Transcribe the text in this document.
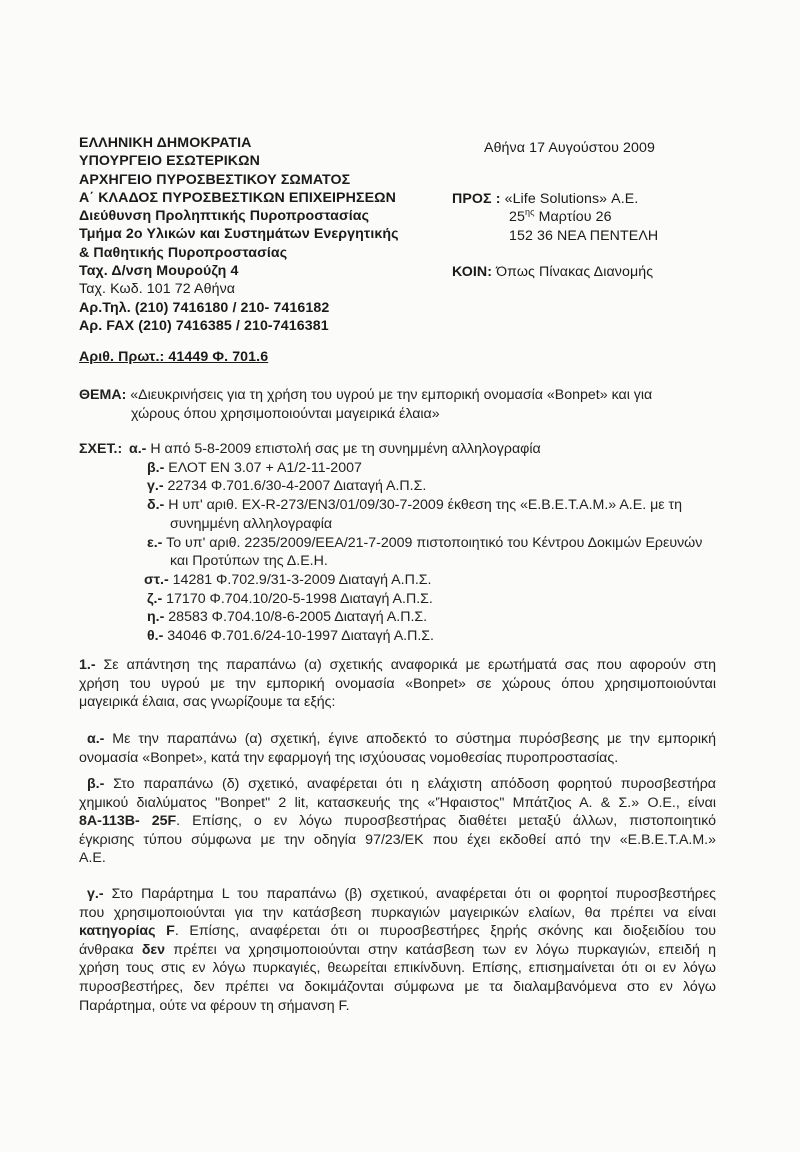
ΕΛΛΗΝΙΚΗ ΔΗΜΟΚΡΑΤΙΑ
ΥΠΟΥΡΓΕΙΟ ΕΣΩΤΕΡΙΚΩΝ
ΑΡΧΗΓΕΙΟ ΠΥΡΟΣΒΕΣΤΙΚΟΥ ΣΩΜΑΤΟΣ
Α΄ ΚΛΑΔΟΣ ΠΥΡΟΣΒΕΣΤΙΚΩΝ ΕΠΙΧΕΙΡΗΣΕΩΝ
Διεύθυνση Προληπτικής Πυροπροστασίας
Τμήμα 2ο Υλικών και Συστημάτων Ενεργητικής
& Παθητικής Πυροπροστασίας
Ταχ. Δ/νση Μουρούζη 4
Ταχ. Κωδ. 101 72 Αθήνα
Αρ.Τηλ. (210) 7416180 / 210- 7416182
Αρ. FAX (210) 7416385 / 210-7416381
Αθήνα 17 Αυγούστου 2009
ΠΡΟΣ : «Life Solutions» Α.Ε.
$25^{\eta\varsigma}$ Μαρτίου 26
152 36 ΝΕΑ ΠΕΝΤΕΛΗ
ΚΟΙΝ: Όπως Πίνακας Διανομής
Αριθ. Πρωτ.: 41449 Φ. 701.6
ΘΕΜΑ: «Διευκρινήσεις για τη χρήση του υγρού με την εμπορική ονομασία «Bonpet» και για
χώρους όπου χρησιμοποιούνται μαγειρικά έλαια»
ΣΧΕΤ.: α.- Η από 5-8-2009 επιστολή σας με τη συνημμένη αλληλογραφία
β.- ΕΛΟΤ ΕΝ 3.07 + Α1/2-11-2007
γ.- 22734 Φ.701.6/30-4-2007 Διαταγή Α.Π.Σ.
δ.- Η υπ' αριθ. EX-R-273/ΕΝ3/01/09/30-7-2009 έκθεση της «Ε.Β.Ε.Τ.Α.Μ.» Α.Ε. με τη
συνημμένη αλληλογραφία
ε.- Το υπ' αριθ. 2235/2009/ΕΕΑ/21-7-2009 πιστοποιητικό του Κέντρου Δοκιμών Ερευνών
και Προτύπων της Δ.Ε.Η.
στ.- 14281 Φ.702.9/31-3-2009 Διαταγή Α.Π.Σ.
ζ.- 17170 Φ.704.10/20-5-1998 Διαταγή Α.Π.Σ.
η.- 28583 Φ.704.10/8-6-2005 Διαταγή Α.Π.Σ.
θ.- 34046 Φ.701.6/24-10-1997 Διαταγή Α.Π.Σ.
1.- Σε απάντηση της παραπάνω (α) σχετικής αναφορικά με ερωτήματά σας που αφορούν στη
χρήση του υγρού με την εμπορική ονομασία «Bonpet» σε χώρους όπου χρησιμοποιούνται
μαγειρικά έλαια, σας γνωρίζουμε τα εξής:
α.- Με την παραπάνω (α) σχετική, έγινε αποδεκτό το σύστημα πυρόσβεσης με την εμπορική
ονομασία «Bonpet», κατά την εφαρμογή της ισχύουσας νομοθεσίας πυροπροστασίας.
β.- Στο παραπάνω (δ) σχετικό, αναφέρεται ότι η ελάχιστη απόδοση φορητού πυροσβεστήρα
χημικού διαλύματος "Bonpet" 2 lit, κατασκευής της «'Ήφαιστος" Μπάτζιος Α. & Σ.» Ο.Ε., είναι
8A-113B- 25F. Επίσης, ο εν λόγω πυροσβεστήρας διαθέτει μεταξύ άλλων, πιστοποιητικό
έγκρισης τύπου σύμφωνα με την οδηγία 97/23/ΕΚ που έχει εκδοθεί από την «Ε.Β.Ε.Τ.Α.Μ.»
Α.Ε.
γ.- Στο Παράρτημα L του παραπάνω (β) σχετικού, αναφέρεται ότι οι φορητοί πυροσβεστήρες
που χρησιμοποιούνται για την κατάσβεση πυρκαγιών μαγειρικών ελαίων, θα πρέπει να είναι
κατηγορίας F. Επίσης, αναφέρεται ότι οι πυροσβεστήρες ξηρής σκόνης και διοξειδίου του
άνθρακα δεν πρέπει να χρησιμοποιούνται στην κατάσβεση των εν λόγω πυρκαγιών, επειδή η
χρήση τους στις εν λόγω πυρκαγιές, θεωρείται επικίνδυνη. Επίσης, επισημαίνεται ότι οι εν λόγω
πυροσβεστήρες, δεν πρέπει να δοκιμάζονται σύμφωνα με τα διαλαμβανόμενα στο εν λόγω
Παράρτημα, ούτε να φέρουν τη σήμανση F.
